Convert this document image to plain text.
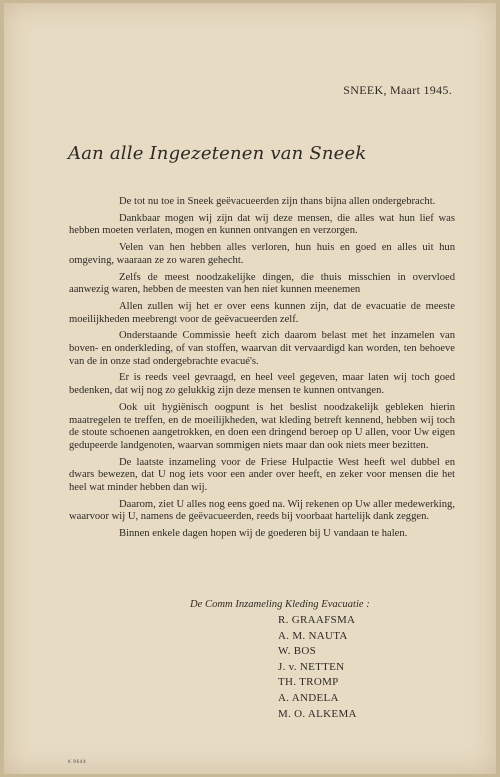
SNEEK, Maart 1945.
Aan alle Ingezetenen van Sneek

De tot nu toe in Sneek geëvacueerden zijn thans bijna allen ondergebracht.

Dankbaar mogen wij zijn dat wij deze mensen, die alles wat hun lief was hebben moeten verlaten, mogen en kunnen ontvangen en verzorgen.

Velen van hen hebben alles verloren, hun huis en goed en alles uit hun omgeving, waaraan ze zo waren gehecht.

Zelfs de meest noodzakelijke dingen, die thuis misschien in overvloed aanwezig waren, hebben de meesten van hen niet kunnen meenemen

Allen zullen wij het er over eens kunnen zijn, dat de evacuatie de meeste moeilijkheden meebrengt voor de geëvacueerden zelf.

Onderstaande Commissie heeft zich daarom belast met het inzamelen van boven- en onderkleding, of van stoffen, waarvan dit vervaardigd kan worden, ten behoeve van de in onze stad ondergebrachte evacué's.

Er is reeds veel gevraagd, en heel veel gegeven, maar laten wij toch goed bedenken, dat wij nog zo gelukkig zijn deze mensen te kunnen ontvangen.

Ook uit hygiënisch oogpunt is het beslist noodzakelijk gebleken hierin maatregelen te treffen, en de moeilijkheden, wat kleding betreft kennend, hebben wij toch de stoute schoenen aangetrokken, en doen een dringend beroep op U allen, voor Uw eigen gedupeerde landgenoten, waarvan sommigen niets maar dan ook niets meer bezitten.

De laatste inzameling voor de Friese Hulpactie West heeft wel dubbel en dwars bewezen, dat U nog iets voor een ander over heeft, en zeker voor mensen die het heel wat minder hebben dan wij.

Daarom, ziet U alles nog eens goed na. Wij rekenen op Uw aller medewerking, waarvoor wij U, namens de geëvacueerden, reeds bij voorbaat hartelijk dank zeggen.

Binnen enkele dagen hopen wij de goederen bij U vandaan te halen.

De Comm Inzameling Kleding Evacuatie :
R. GRAAFSMA
A. M. NAUTA
W. BOS
J. v. NETTEN
TH. TROMP
A. ANDELA
M. O. ALKEMA
K 9644
